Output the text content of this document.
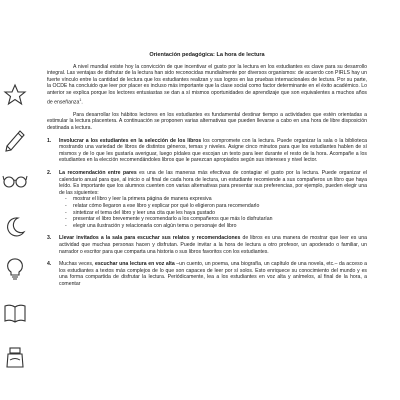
Orientación pedagógica: La hora de lectura

A nivel mundial existe hoy la convicción de que incentivar el gusto por la lectura en los estudiantes es clave para su desarrollo integral. Las ventajas de disfrutar de la lectura han sido reconocidas mundialmente por diversos organismos: de acuerdo con PIRLS hay un fuerte vínculo entre la cantidad de lectura que los estudiantes realizan y sus logros en las pruebas internacionales de lectura. Por su parte, la OCDE ha concluido que leer por placer es incluso más importante que la clase social como factor determinante en el éxito académico. Lo anterior se explica porque los lectores entusiastas se dan a sí mismos oportunidades de aprendizaje que son equivalentes a muchos años de enseñanza$^1$.

Para desarrollar los hábitos lectores en los estudiantes es fundamental destinar tiempo a actividades que estén orientadas a estimular la lectura placentera. A continuación se proponen varias alternativas que pueden llevarse a cabo en una hora de libre disposición destinada a lectura.

1. Involucrar a los estudiantes en la selección de los libros los compromete con la lectura. Puede organizar la sala o la biblioteca mostrando una variedad de libros de distintos géneros, temas y niveles. Asigne cinco minutos para que los estudiantes hablen de sí mismos y de lo que les gustaría averiguar, luego pídales que escojan un texto para leer durante el resto de la hora. Acompañe a los estudiantes en la elección recomendándoles libros que le parezcan apropiados según sus intereses y nivel lector.
2. La recomendación entre pares es una de las maneras más efectivas de contagiar el gusto por la lectura. Puede organizar el calendario anual para que, al inicio o al final de cada hora de lectura, un estudiante recomiende a sus compañeros un libro que haya leído. Es importante que los alumnos cuenten con varias alternativas para presentar sus preferencias, por ejemplo, pueden elegir una de las siguientes:
- mostrar el libro y leer la primera página de manera expresiva
- relatar cómo llegaron a ese libro y explicar por qué lo eligieron para recomendarlo
- sintetizar el tema del libro y leer una cita que les haya gustado
- presentar el libro brevemente y recomendarlo a los compañeros que más lo disfrutarían
- elegir una ilustración y relacionarla con algún tema o personaje del libro
3. Llevar invitados a la sala para escuchar sus relatos y recomendaciones de libros es una manera de mostrar que leer es una actividad que muchas personas hacen y disfrutan. Puede invitar a la hora de lectura a otro profesor, un apoderado o familiar, un narrador o escritor para que comparta una historia o sus libros favoritos con los estudiantes.
4. Muchas veces, escuchar una lectura en voz alta –un cuento, un poema, una biografía, un capítulo de una novela, etc.– da acceso a los estudiantes a textos más complejos de lo que son capaces de leer por sí solos. Esto enriquece su conocimiento del mundo y es una forma compartida de disfrutar la lectura. Periódicamente, lea a los estudiantes en voz alta y anímelos, al final de la hora, a comentar
